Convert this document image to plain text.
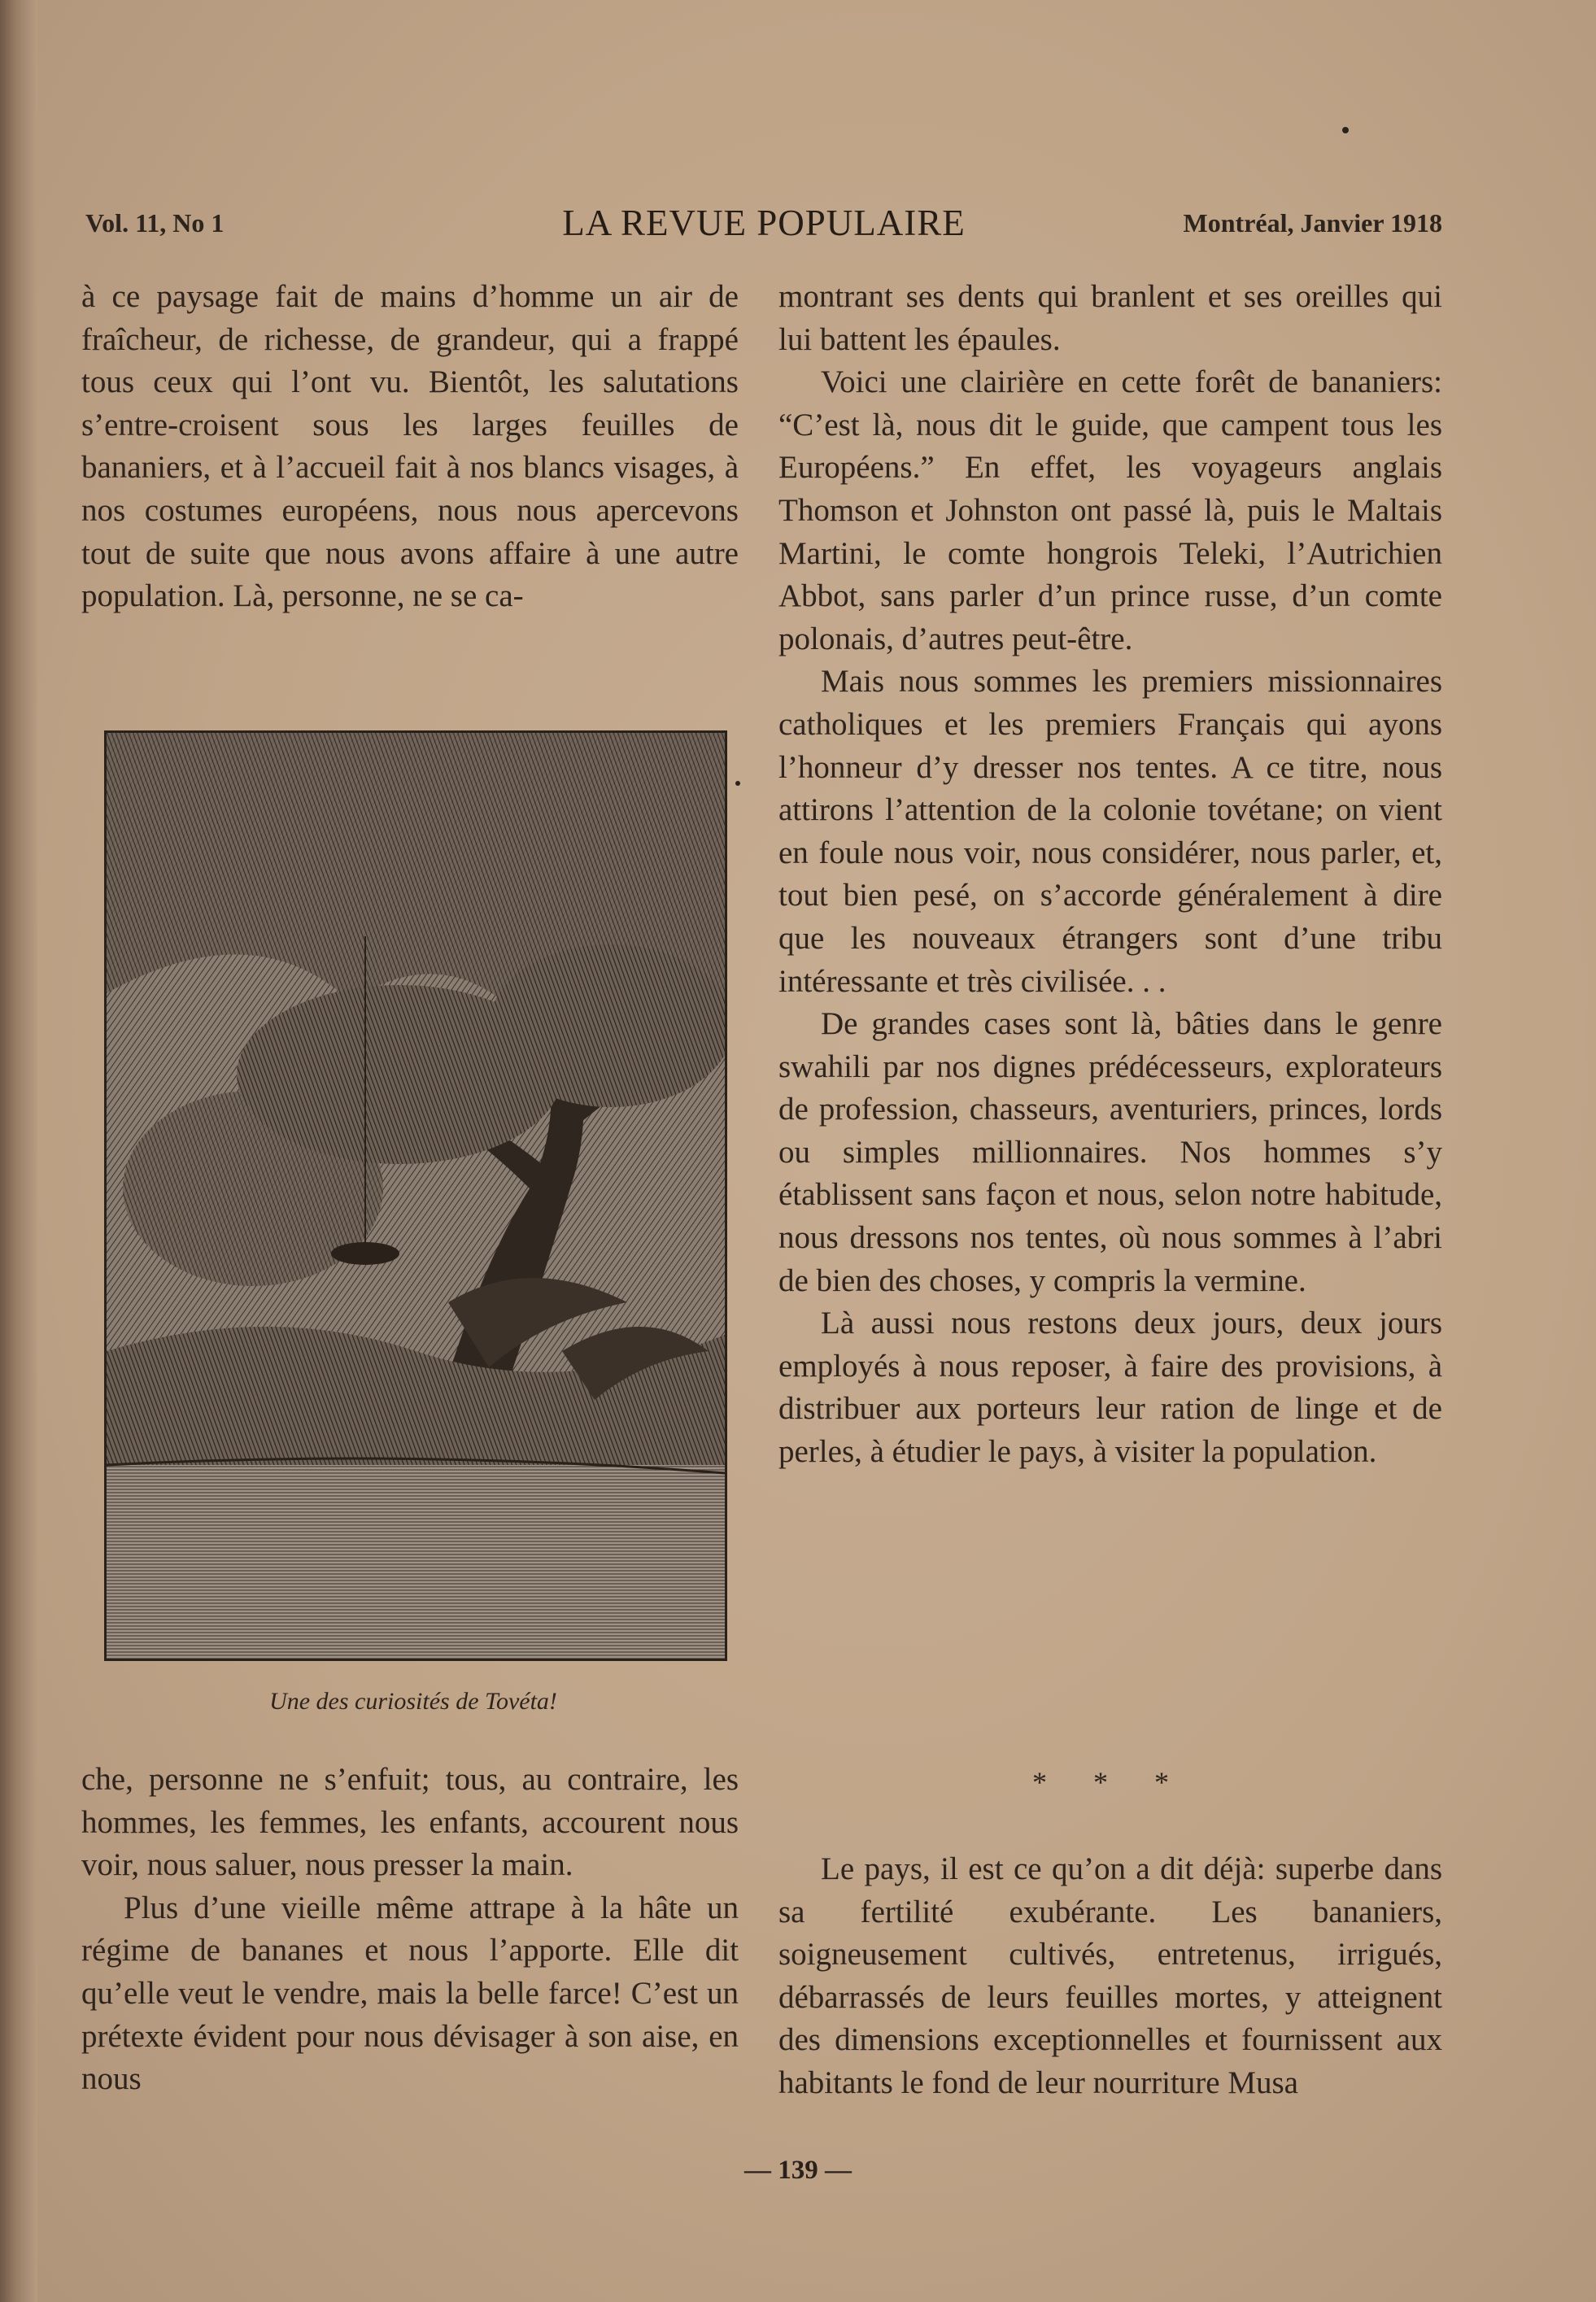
Vol. 11, No 1	LA REVUE POPULAIRE	Montréal, Janvier 1918

à ce paysage fait de mains d’homme un air de fraîcheur, de richesse, de grandeur, qui a frappé tous ceux qui l’ont vu. Bientôt, les salutations s’entre-croisent sous les larges feuilles de bananiers, et à l’accueil fait à nos blancs visages, à nos costumes européens, nous nous apercevons tout de suite que nous avons affaire à une autre population. Là, personne, ne se ca-

Une des curiosités de Tovéta!

che, personne ne s’enfuit; tous, au contraire, les hommes, les femmes, les enfants, accourent nous voir, nous saluer, nous presser la main.

Plus d’une vieille même attrape à la hâte un régime de bananes et nous l’apporte. Elle dit qu’elle veut le vendre, mais la belle farce! C’est un prétexte évident pour nous dévisager à son aise, en nous

montrant ses dents qui branlent et ses oreilles qui lui battent les épaules.

Voici une clairière en cette forêt de bananiers: “C’est là, nous dit le guide, que campent tous les Européens.” En effet, les voyageurs anglais Thomson et Johnston ont passé là, puis le Maltais Martini, le comte hongrois Teleki, l’Autrichien Abbot, sans parler d’un prince russe, d’un comte polonais, d’autres peut-être.

Mais nous sommes les premiers missionnaires catholiques et les premiers Français qui ayons l’honneur d’y dresser nos tentes. A ce titre, nous attirons l’attention de la colonie tovétane; on vient en foule nous voir, nous considérer, nous parler, et, tout bien pesé, on s’accorde généralement à dire que les nouveaux étrangers sont d’une tribu intéressante et très civilisée. . .

De grandes cases sont là, bâties dans le genre swahili par nos dignes prédécesseurs, explorateurs de profession, chasseurs, aventuriers, princes, lords ou simples millionnaires. Nos hommes s’y établissent sans façon et nous, selon notre habitude, nous dressons nos tentes, où nous sommes à l’abri de bien des choses, y compris la vermine.

Là aussi nous restons deux jours, deux jours employés à nous reposer, à faire des provisions, à distribuer aux porteurs leur ration de linge et de perles, à étudier le pays, à visiter la population.

* * *

Le pays, il est ce qu’on a dit déjà: superbe dans sa fertilité exubérante. Les bananiers, soigneusement cultivés, entretenus, irrigués, débarrassés de leurs feuilles mortes, y atteignent des dimensions exceptionnelles et fournissent aux habitants le fond de leur nourriture Musa

— 139 —
